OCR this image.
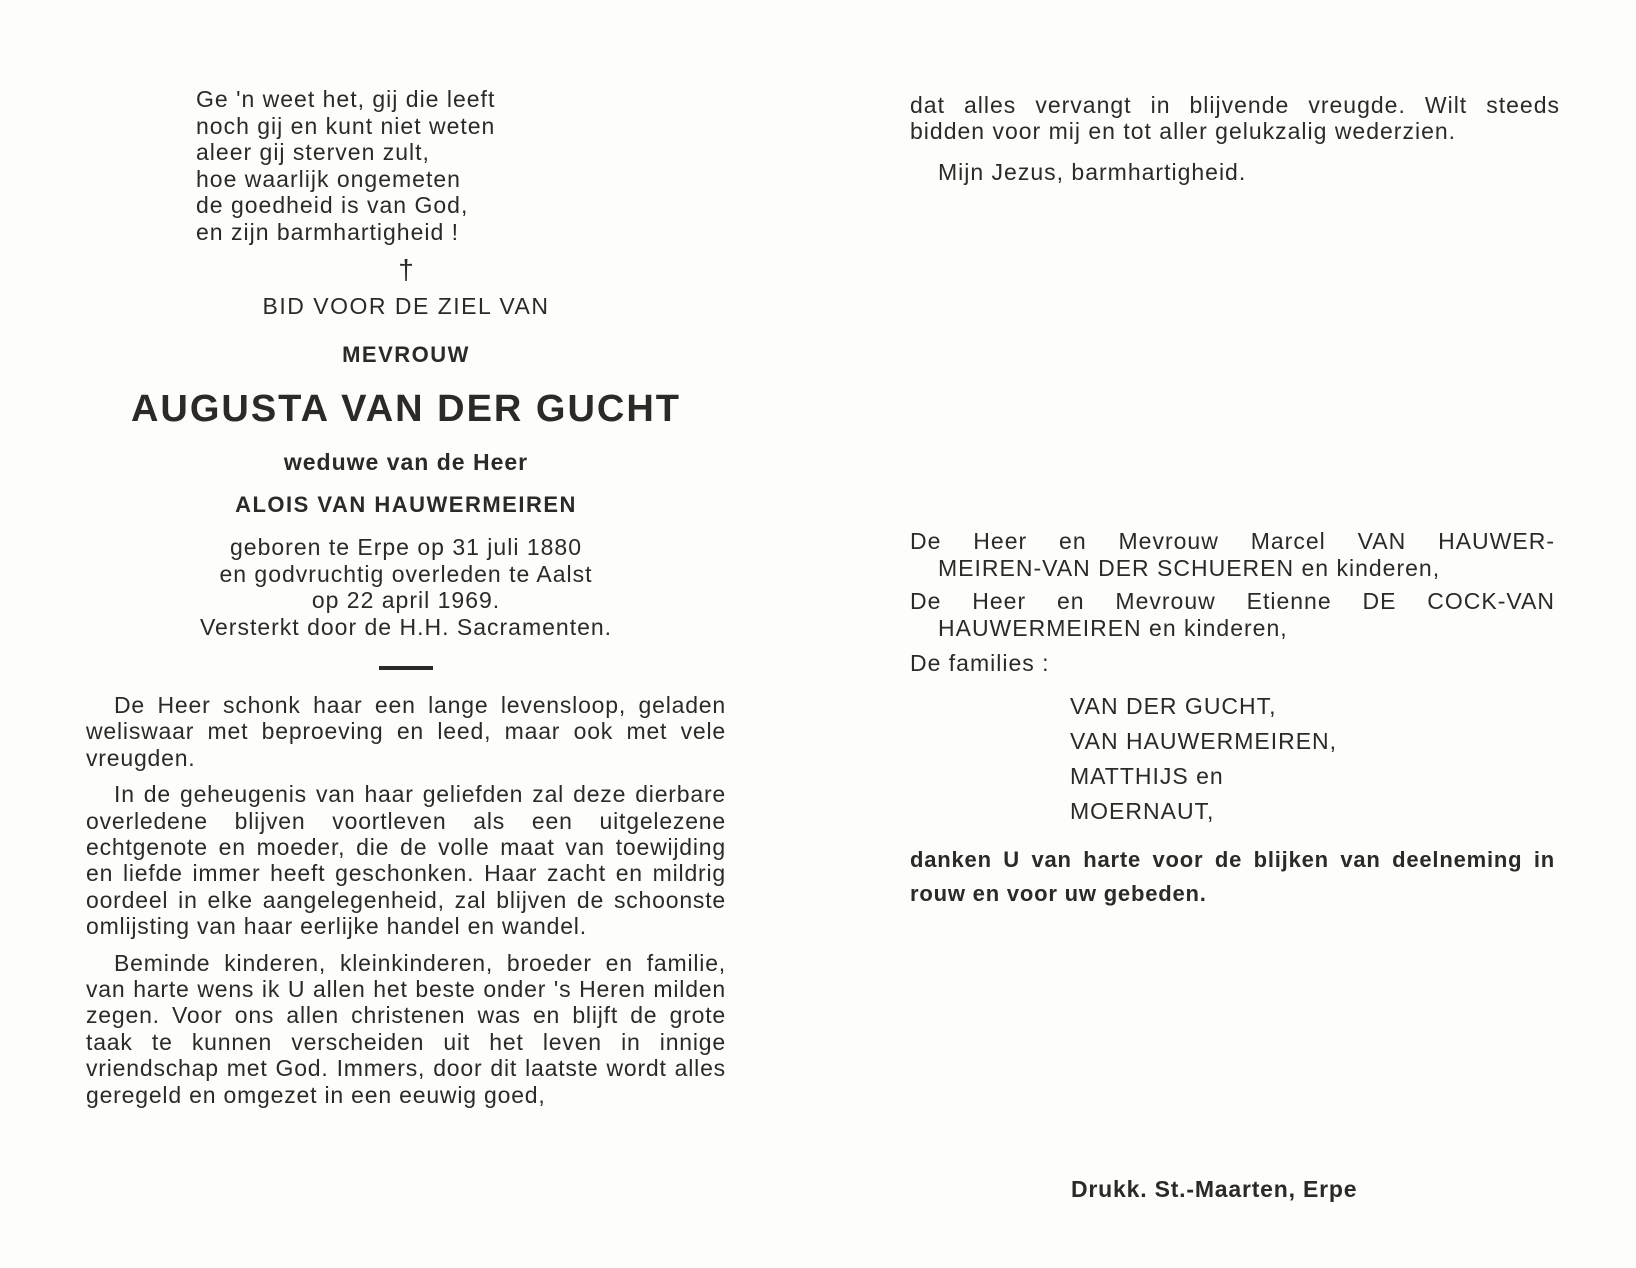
Ge 'n weet het, gij die leeft
noch gij en kunt niet weten
aleer gij sterven zult,
hoe waarlijk ongemeten
de goedheid is van God,
en zijn barmhartigheid !
†
BID VOOR DE ZIEL VAN
MEVROUW
AUGUSTA VAN DER GUCHT
weduwe van de Heer
ALOIS VAN HAUWERMEIREN
geboren te Erpe op 31 juli 1880
en godvruchtig overleden te Aalst
op 22 april 1969.
Versterkt door de H.H. Sacramenten.

De Heer schonk haar een lange levensloop, geladen weliswaar met beproeving en leed, maar ook met vele vreugden.

In de geheugenis van haar geliefden zal deze dierbare overledene blijven voortleven als een uitgelezene echtgenote en moeder, die de volle maat van toewijding en liefde immer heeft geschonken. Haar zacht en mildrig oordeel in elke aangelegenheid, zal blijven de schoonste omlijsting van haar eerlijke handel en wandel.

Beminde kinderen, kleinkinderen, broeder en familie, van harte wens ik U allen het beste onder 's Heren milden zegen. Voor ons allen christenen was en blijft de grote taak te kunnen verscheiden uit het leven in innige vriendschap met God. Immers, door dit laatste wordt alles geregeld en omgezet in een eeuwig goed,

dat alles vervangt in blijvende vreugde. Wilt steeds bidden voor mij en tot aller gelukzalig wederzien.

Mijn Jezus, barmhartigheid.
De Heer en Mevrouw Marcel VAN HAUWER-
MEIREN-VAN DER SCHUEREN en kinderen,
De Heer en Mevrouw Etienne DE COCK-VAN
HAUWERMEIREN en kinderen,
De families :
VAN DER GUCHT,
VAN HAUWERMEIREN,
MATTHIJS en
MOERNAUT,

danken U van harte voor de blijken van deelneming in rouw en voor uw gebeden.

Drukk. St.-Maarten, Erpe
